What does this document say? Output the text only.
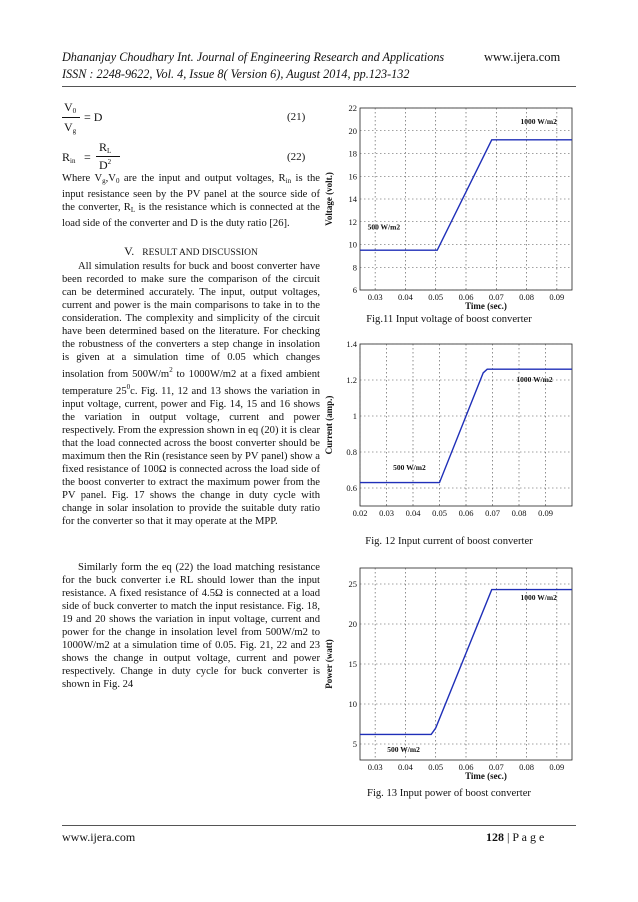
Dhananjay Choudhary Int. Journal of Engineering Research and Applications	www.ijera.com
ISSN : 2248-9622, Vol. 4, Issue 8( Version 6), August 2014, pp.123-132
$V_0$
$V_g$
= D	(21)
$R_{in}$ =
$R_L$
$D^2$	(22)
Where $V_g,V_0$ are the input and output voltages, $R_{in}$ is the input resistance seen by the PV panel at the source side of the converter, $R_L$ is the resistance which is connected at the load side of the converter and D is the duty ratio [26].
V. RESULT AND DISCUSSION
All simulation results for buck and boost converter have been recorded to make sure the comparison of the circuit can be determined accurately. The input, output voltages, current and power is the main comparisons to take in to the consideration. The complexity and simplicity of the circuit have been determined based on the literature. For checking the robustness of the converters a step change in insolation is given at a simulation time of 0.05 which changes insolation from $500W/m^2$ to 1000W/m2 at a fixed ambient temperature $25^0c$. Fig. 11, 12 and 13 shows the variation in input voltage, current, power and Fig. 14, 15 and 16 shows the variation in output voltage, current and power respectively. From the expression shown in eq (20) it is clear that the load connected across the boost converter should be maximum then the Rin (resistance seen by PV panel) show a fixed resistance of 100Ω is connected across the load side of the boost converter to extract the maximum power from the PV panel. Fig. 17 shows the change in duty cycle with change in solar insolation to provide the suitable duty ratio for the converter so that it may operate at the MPP.
Similarly form the eq (22) the load matching resistance for the buck converter i.e RL should lower than the input resistance. A fixed resistance of 4.5Ω is connected at a load side of buck converter to match the input resistance. Fig. 18, 19 and 20 shows the variation in input voltage, current and power for the change in insolation level from 500W/m2 to 1000W/m2 at a simulation time of 0.05. Fig. 21, 22 and 23 shows the change in output voltage, current and power respectively. Change in duty cycle for buck converter is shown in Fig. 24
0.03 0.04 0.05 0.06 0.07 0.08 0.09
6
8
10
12
14
16
18
20
22
500 W/m2
1000 W/m2
Time (sec.)
Voltage (volt.)
Fig.11 Input voltage of boost converter
0.02 0.03 0.04 0.05 0.06 0.07 0.08 0.09
0.6
0.8
1
1.2
1.4
500 W/m2
1000 W/m2
Current (amp.)
Fig. 12 Input current of boost converter
0.03 0.04 0.05 0.06 0.07 0.08 0.09
5
10
15
20
25
500 W/m2
1000 W/m2
Time (sec.)
Power (watt)
Fig. 13 Input power of boost converter
www.ijera.com	128 | P a g e
